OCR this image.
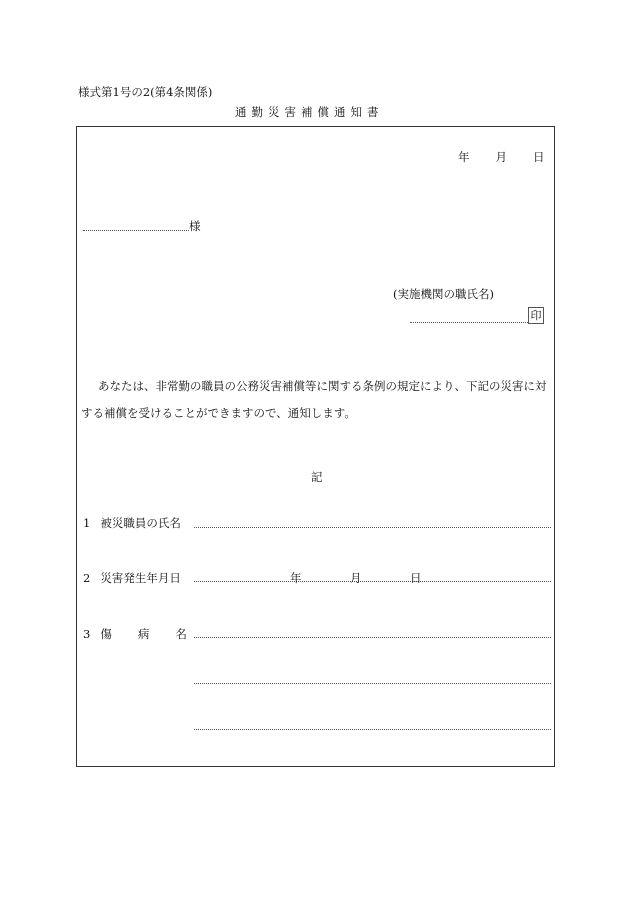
様式第1号の2(第4条関係)
通勤災害補償通知書
年 月 日
様
(実施機関の職氏名)
印
あなたは、非常勤の職員の公務災害補償等に関する条例の規定により、下記の災害に対する補償を受けることができますので、通知します。
記
1 被災職員の氏名
2 災害発生年月日	年	月	日
3 傷 病 名
